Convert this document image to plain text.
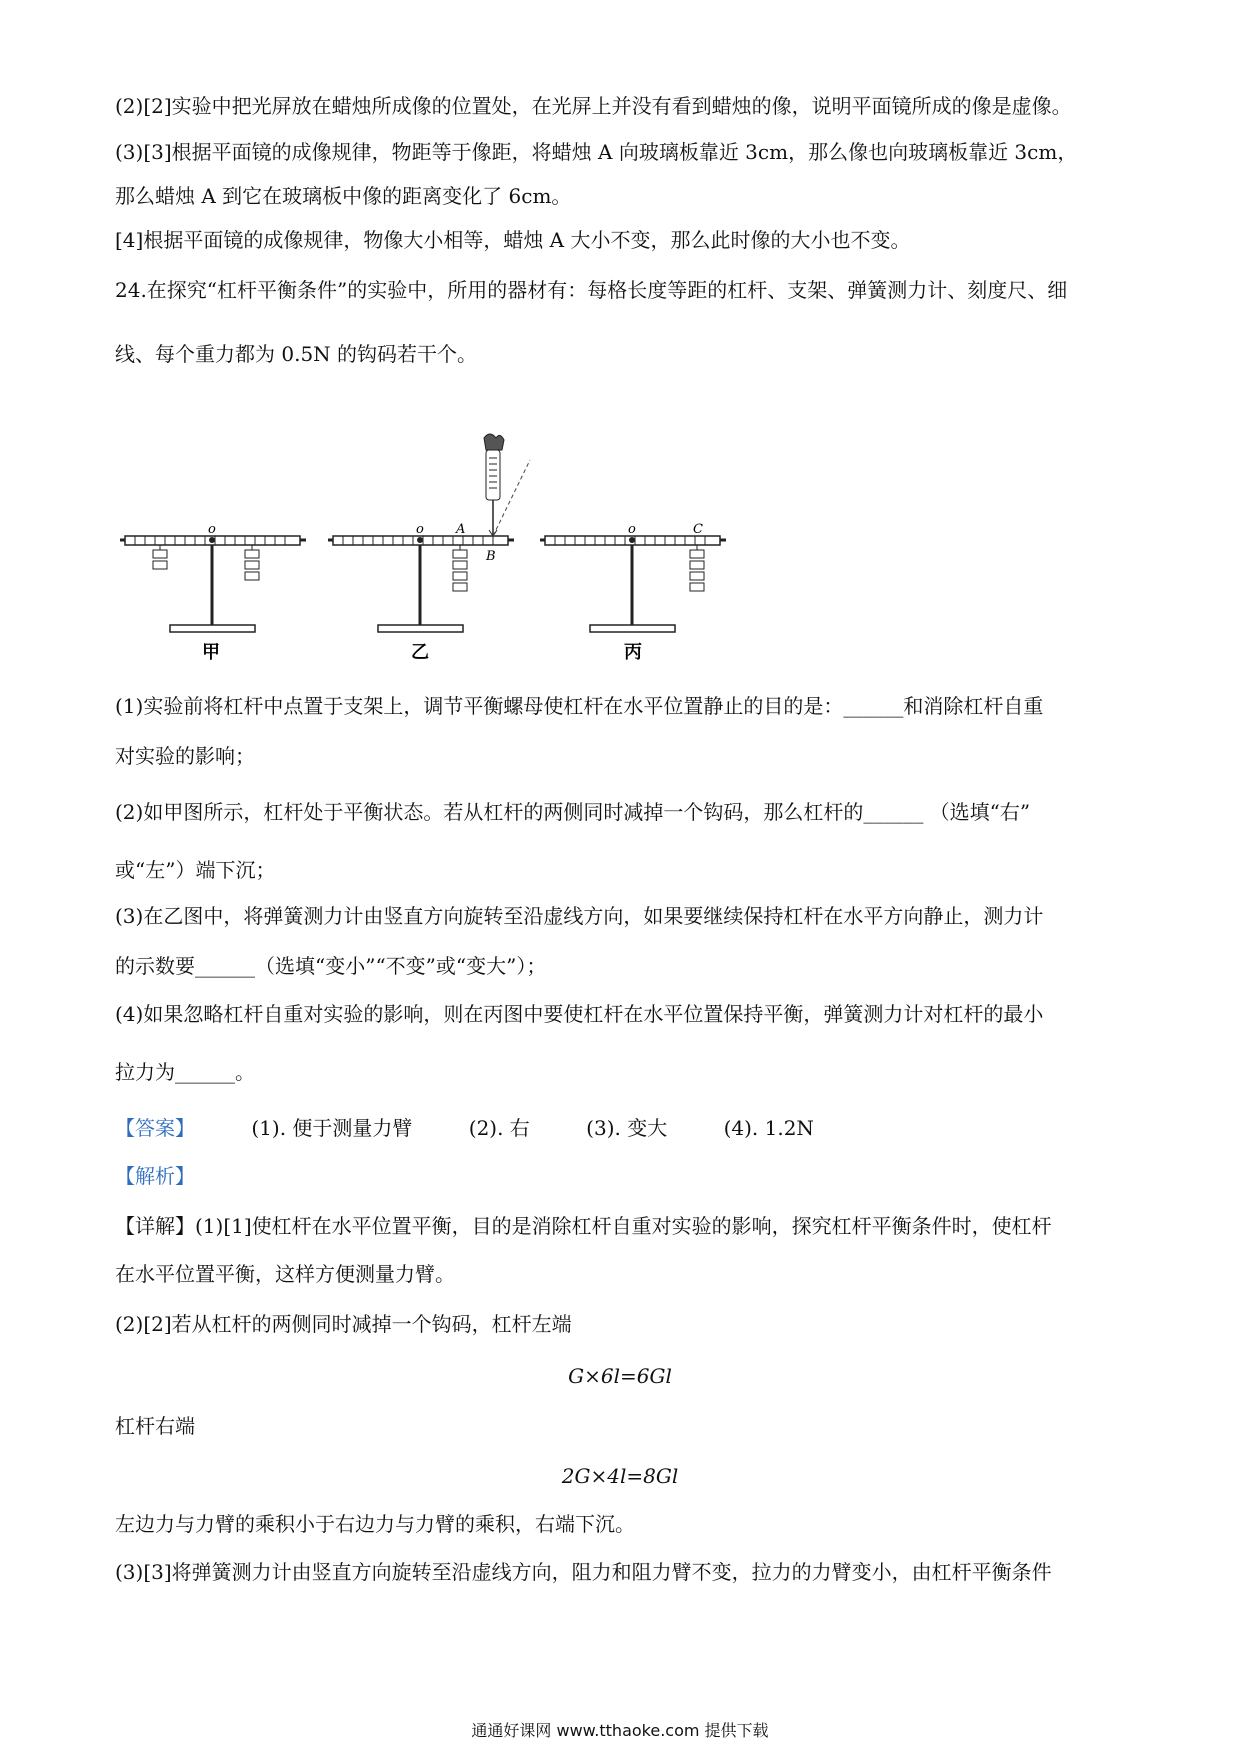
(2)[2]实验中把光屏放在蜡烛所成像的位置处，在光屏上并没有看到蜡烛的像，说明平面镜所成的像是虚像。
(3)[3]根据平面镜的成像规律，物距等于像距，将蜡烛 A 向玻璃板靠近 3cm，那么像也向玻璃板靠近 3cm，
那么蜡烛 A 到它在玻璃板中像的距离变化了 6cm。
[4]根据平面镜的成像规律，物像大小相等，蜡烛 A 大小不变，那么此时像的大小也不变。
24.在探究“杠杆平衡条件”的实验中，所用的器材有：每格长度等距的杠杆、支架、弹簧测力计、刻度尺、细
线、每个重力都为 0.5N 的钩码若干个。
o
甲
o A
B
乙
o	C
丙
(1)实验前将杠杆中点置于支架上，调节平衡螺母使杠杆在水平位置静止的目的是：______和消除杠杆自重
对实验的影响；
(2)如甲图所示，杠杆处于平衡状态。若从杠杆的两侧同时减掉一个钩码，那么杠杆的______ （选填“右”
或“左”）端下沉；
(3)在乙图中，将弹簧测力计由竖直方向旋转至沿虚线方向，如果要继续保持杠杆在水平方向静止，测力计
的示数要______（选填“变小”“不变”或“变大”）；
(4)如果忽略杠杆自重对实验的影响，则在丙图中要使杠杆在水平位置保持平衡，弹簧测力计对杠杆的最小
拉力为______。
【答案】	(1). 便于测量力臂	(2). 右	(3). 变大	(4). 1.2N
【解析】
【详解】(1)[1]使杠杆在水平位置平衡，目的是消除杠杆自重对实验的影响，探究杠杆平衡条件时，使杠杆
在水平位置平衡，这样方便测量力臂。
(2)[2]若从杠杆的两侧同时减掉一个钩码，杠杆左端
G×6l=6Gl
杠杆右端
2G×4l=8Gl
左边力与力臂的乘积小于右边力与力臂的乘积，右端下沉。
(3)[3]将弹簧测力计由竖直方向旋转至沿虚线方向，阻力和阻力臂不变，拉力的力臂变小，由杠杆平衡条件
通通好课网 www.tthaoke.com 提供下载
